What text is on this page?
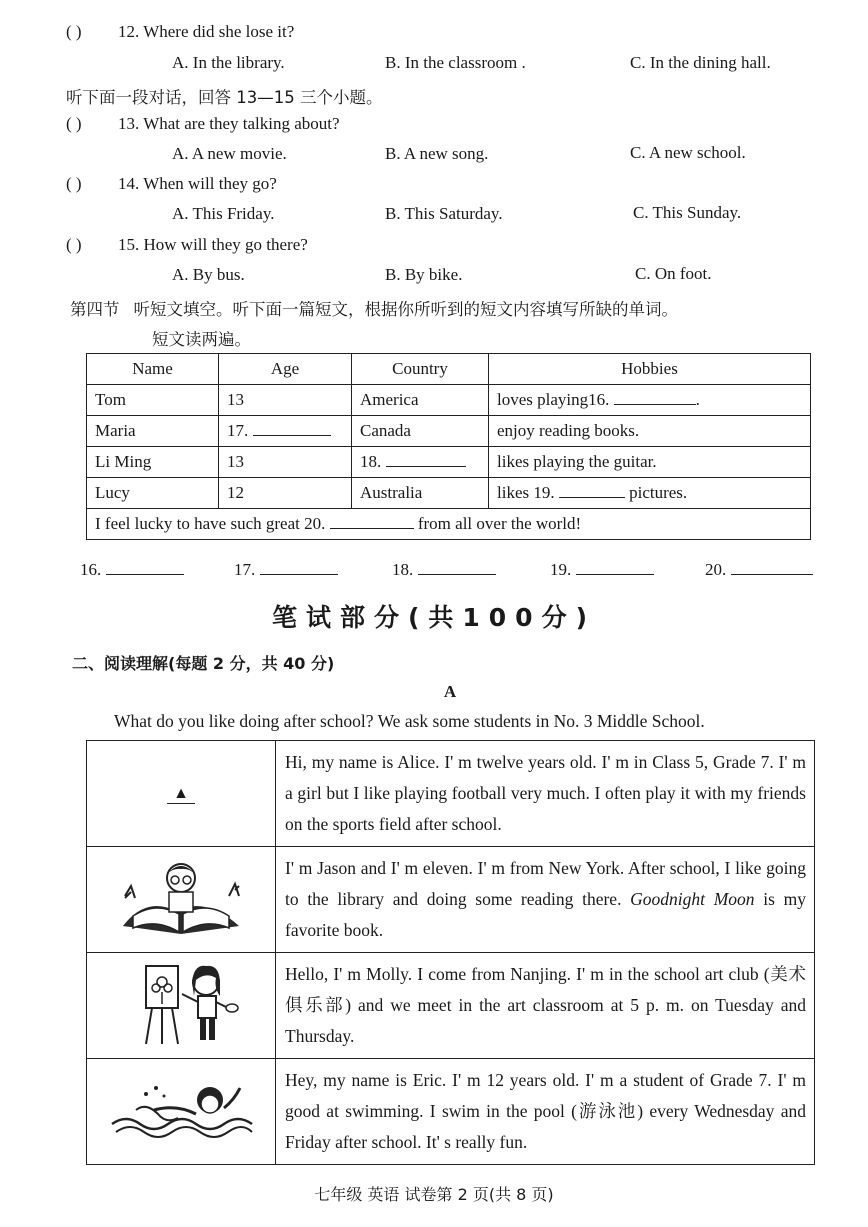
( ) 12. Where did she lose it?
A. In the library.	B. In the classroom .	C. In the dining hall.
听下面一段对话，回答 13—15 三个小题。
( ) 13. What are they talking about?
A. A new movie.	B. A new song.	C. A new school.
( ) 14. When will they go?
A. This Friday.	B. This Saturday.	C. This Sunday.
( ) 15. How will they go there?
A. By bus.	B. By bike.	C. On foot.
第四节 听短文填空。听下面一篇短文，根据你所听到的短文内容填写所缺的单词。
短文读两遍。
Name	Age	Country	Hobbies
Tom	13	America	loves playing16. .
Maria	17.	Canada	enjoy reading books.
Li Ming	13	18.	likes playing the guitar.
Lucy	12	Australia	likes 19. pictures.
I feel lucky to have such great 20. from all over the world!			
16.	17.	18.	19.	20.
笔试部分(共100分)
二、阅读理解(每题 2 分，共 40 分)
A
What do you like doing after school? We ask some students in No. 3 Middle School.
▲	Hi, my name is Alice. I' m twelve years old. I' m in Class 5, Grade 7. I' m a girl but I like playing football very much. I often play it with my friends on the sports field after school.
	I' m Jason and I' m eleven. I' m from New York. After school, I like going to the library and doing some reading there. Goodnight Moon is my favorite book.
	Hello, I' m Molly. I come from Nanjing. I' m in the school art club (美术俱乐部) and we meet in the art classroom at 5 p. m. on Tuesday and Thursday.
	Hey, my name is Eric. I' m 12 years old. I' m a student of Grade 7. I' m good at swimming. I swim in the pool (游泳池) every Wednesday and Friday after school. It' s really fun.
七年级 英语 试卷第 2 页(共 8 页)
